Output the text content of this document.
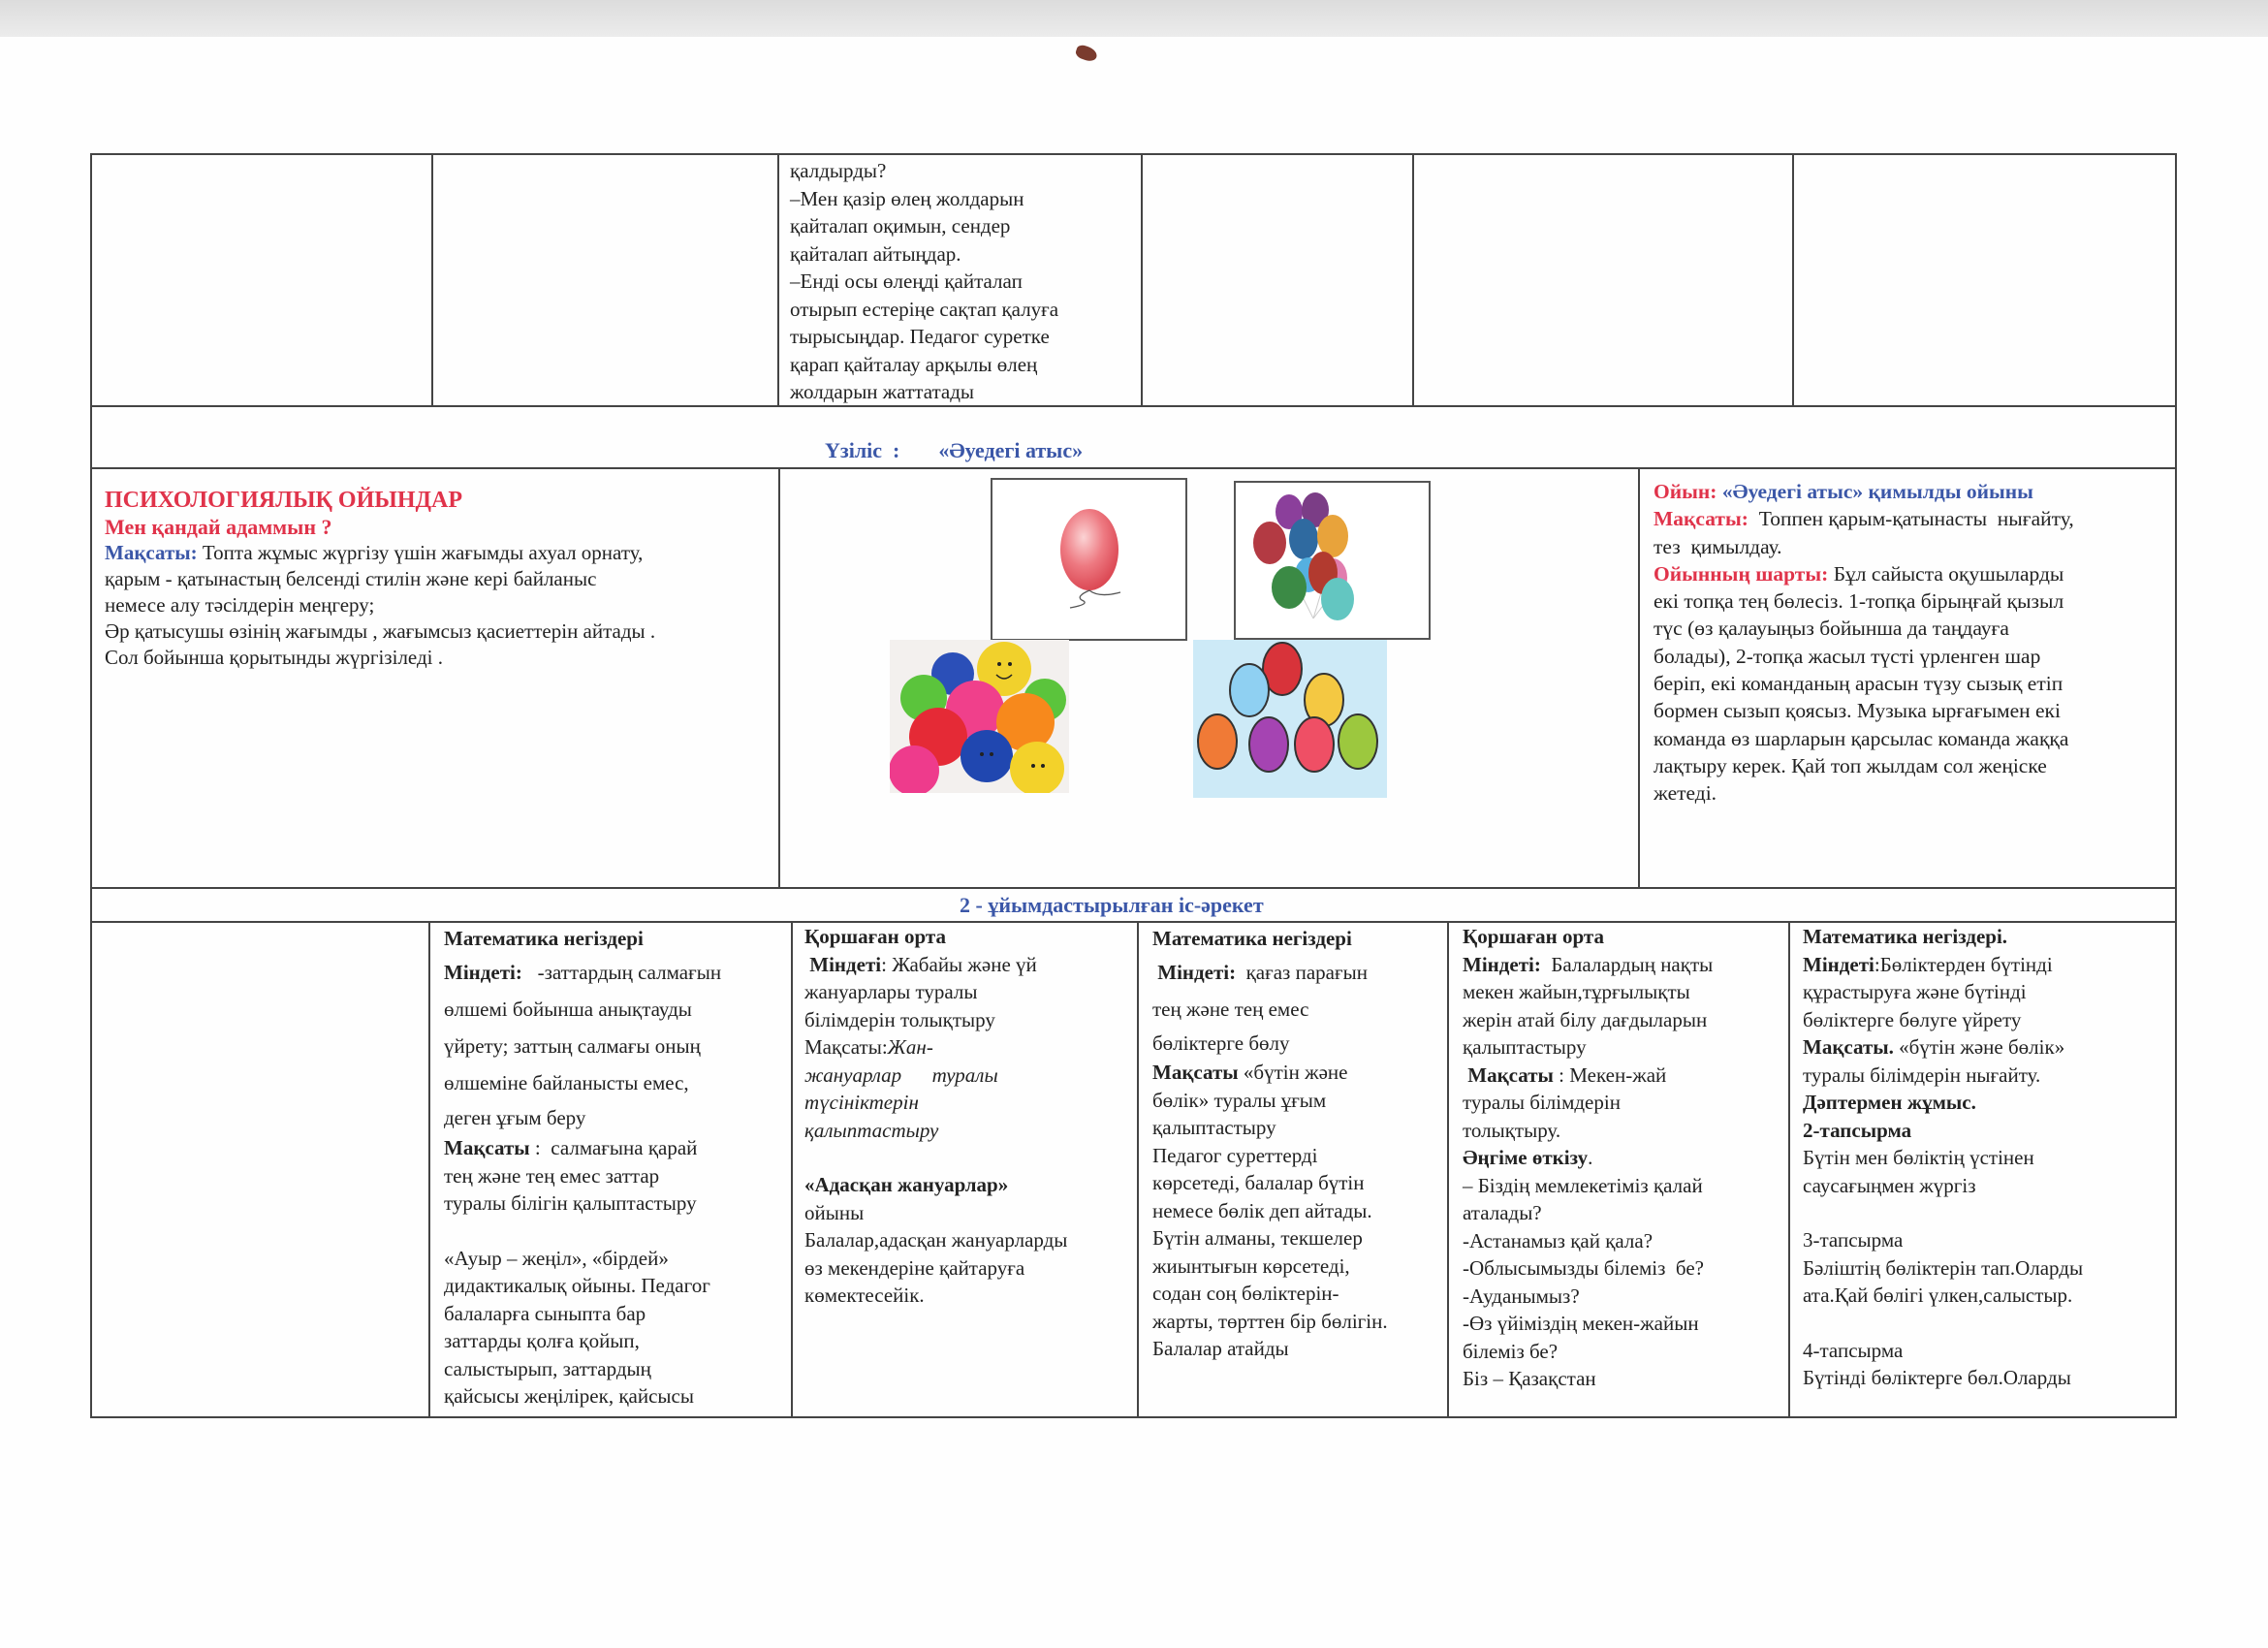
қалдырды?
–Мен қазір өлең жолдарын
қайталап оқимын, сендер
қайталап айтыңдар.
–Енді осы өлеңді қайталап
отырып естеріңе сақтап қалуға
тырысыңдар. Педагог суретке
қарап қайталау арқылы өлең
жолдарын жаттатады

Үзіліс  : «Әуедегі атыс»

ПСИХОЛОГИЯЛЫҚ ОЙЫНДАР
Мен қандай адаммын ?
Мақсаты: Топта жұмыс жүргізу үшін жағымды ахуал орнату,
қарым - қатынастың белсенді стилін және кері байланыс
немесе алу тәсілдерін меңгеру;
Әр қатысушы өзінің жағымды , жағымсыз қасиеттерін айтады .
Сол бойынша қорытынды жүргізіледі .
Ойын: «Әуедегі атыс» қимылды ойыны
Мақсаты:  Топпен қарым-қатынасты  нығайту,
тез  қимылдау.
Ойынның шарты: Бұл сайыста оқушыларды
екі топқа тең бөлесіз. 1-топқа бірыңғай қызыл
түс (өз қалауыңыз бойынша да таңдауға
болады), 2-топқа жасыл түсті үрленген шар
беріп, екі команданың арасын түзу сызық етіп
бормен сызып қоясыз. Музыка ырғағымен екі
команда өз шарларын қарсылас команда жаққа
лақтыру керек. Қай топ жылдам сол жеңіске
жетеді.
2 - ұйымдастырылған іс-әрекет
Математика негіздері
Міндеті:   -заттардың салмағын
өлшемі бойынша анықтауды
үйрету; заттың салмағы оның
өлшеміне байланысты емес,
деген ұғым беру
Мақсаты :  салмағына қарай
тең және тең емес заттар
туралы білігін қалыптастыру
«Ауыр – жеңіл», «бірдей»
дидактикалық ойыны. Педагог
балаларға сыныпта бар
заттарды қолға қойып,
салыстырып, заттардың
қайсысы жеңілірек, қайсысы
Қоршаған орта
Міндеті: Жабайы және үй
жануарлары туралы
білімдерін толықтыру
Мақсаты:Жан-
жануарлар      туралы
түсініктерін
қалыптастыру
«Адасқан жануарлар»
ойыны
Балалар,адасқан жануарларды
өз мекендеріне қайтаруға
көмектесейік.
Математика негіздері
Міндеті:  қағаз парағын
тең және тең емес
бөліктерге бөлу
Мақсаты «бүтін және
бөлік» туралы ұғым
қалыптастыру
Педагог суреттерді
көрсетеді, балалар бүтін
немесе бөлік деп айтады.
Бүтін алманы, текшелер
жиынтығын көрсетеді,
содан соң бөліктерін-
жарты, төрттен бір бөлігін.
Балалар атайды
Қоршаған орта
Міндеті:  Балалардың нақты
мекен жайын,тұрғылықты
жерін атай білу дағдыларын
қалыптастыру
Мақсаты : Мекен-жай
туралы білімдерін
толықтыру.
Әңгіме өткізу.
– Біздің мемлекетіміз қалай
аталады?
-Астанамыз қай қала?
-Облысымызды білеміз  бе?
-Ауданымыз?
-Өз үйіміздің мекен-жайын
білеміз бе?
Біз – Қазақстан
Математика негіздері.
Міндеті:Бөліктерден бүтінді
құрастыруға және бүтінді
бөліктерге бөлуге үйрету
Мақсаты. «бүтін және бөлік»
туралы білімдерін нығайту.
Дәптермен жұмыс.
2-тапсырма
Бүтін мен бөліктің үстінен
саусағыңмен жүргіз
3-тапсырма
Бәліштің бөліктерін тап.Оларды
ата.Қай бөлігі үлкен,салыстыр.
4-тапсырма
Бүтінді бөліктерге бөл.Оларды
